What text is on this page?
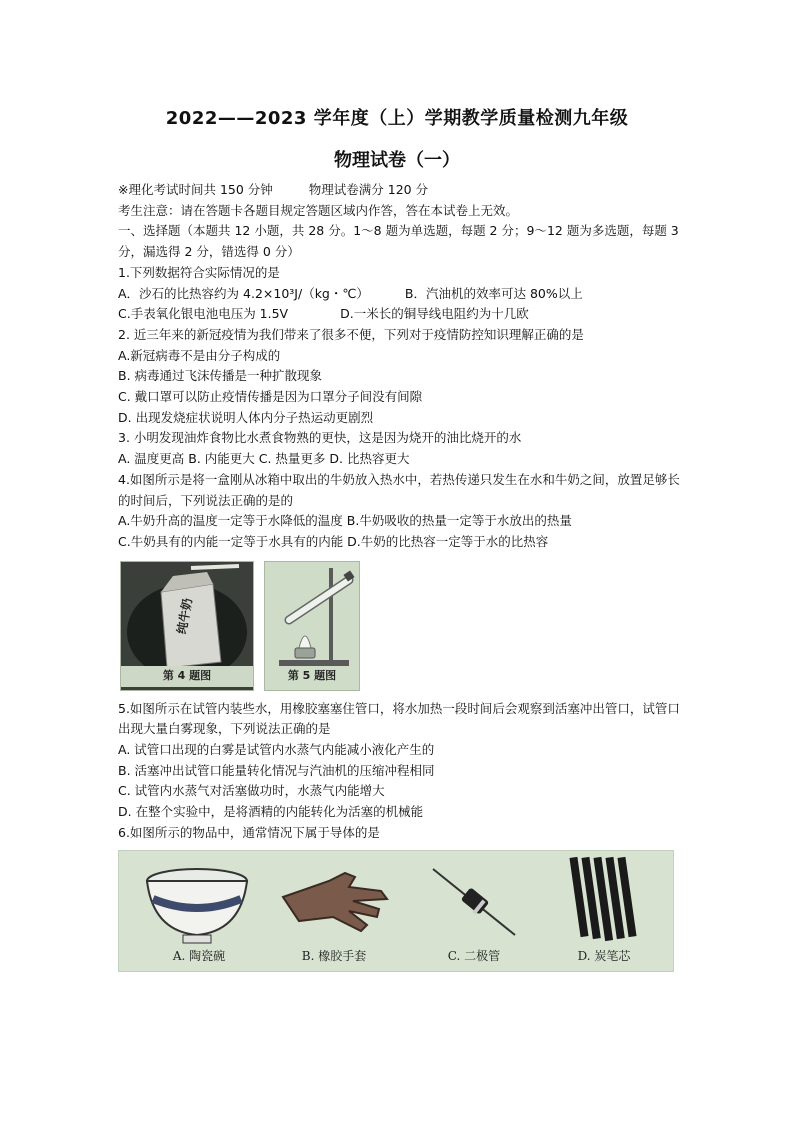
2022——2023 学年度（上）学期教学质量检测九年级
物理试卷（一）
※理化考试时间共 150 分钟	物理试卷满分 120 分
考生注意：请在答题卡各题目规定答题区域内作答，答在本试卷上无效。
一、选择题（本题共 12 小题，共 28 分。1～8 题为单选题，每题 2 分；9～12 题为多选题，每题 3 分，漏选得 2 分，错选得 0 分）
1.下列数据符合实际情况的是
A．沙石的比热容约为 4.2×10³J/（kg・℃）	B．汽油机的效率可达 80%以上
C.手表氧化银电池电压为 1.5V	D.一米长的铜导线电阻约为十几欧
2. 近三年来的新冠疫情为我们带来了很多不便，下列对于疫情防控知识理解正确的是
A.新冠病毒不是由分子构成的
B. 病毒通过飞沫传播是一种扩散现象
C. 戴口罩可以防止疫情传播是因为口罩分子间没有间隙
D. 出现发烧症状说明人体内分子热运动更剧烈
3. 小明发现油炸食物比水煮食物熟的更快，这是因为烧开的油比烧开的水
A. 温度更高 B. 内能更大 C. 热量更多 D. 比热容更大
4.如图所示是将一盒刚从冰箱中取出的牛奶放入热水中，若热传递只发生在水和牛奶之间，放置足够长的时间后，下列说法正确的是的
A.牛奶升高的温度一定等于水降低的温度 B.牛奶吸收的热量一定等于水放出的热量
C.牛奶具有的内能一定等于水具有的内能 D.牛奶的比热容一定等于水的比热容
纯牛奶
第 4 题图	第 5 题图
5.如图所示在试管内装些水，用橡胶塞塞住管口，将水加热一段时间后会观察到活塞冲出管口，试管口出现大量白雾现象，下列说法正确的是
A. 试管口出现的白雾是试管内水蒸气内能减小液化产生的
B. 活塞冲出试管口能量转化情况与汽油机的压缩冲程相同
C. 试管内水蒸气对活塞做功时，水蒸气内能增大
D. 在整个实验中，是将酒精的内能转化为活塞的机械能
6.如图所示的物品中，通常情况下属于导体的是
A. 陶瓷碗	B. 橡胶手套	C. 二极管	D. 炭笔芯
